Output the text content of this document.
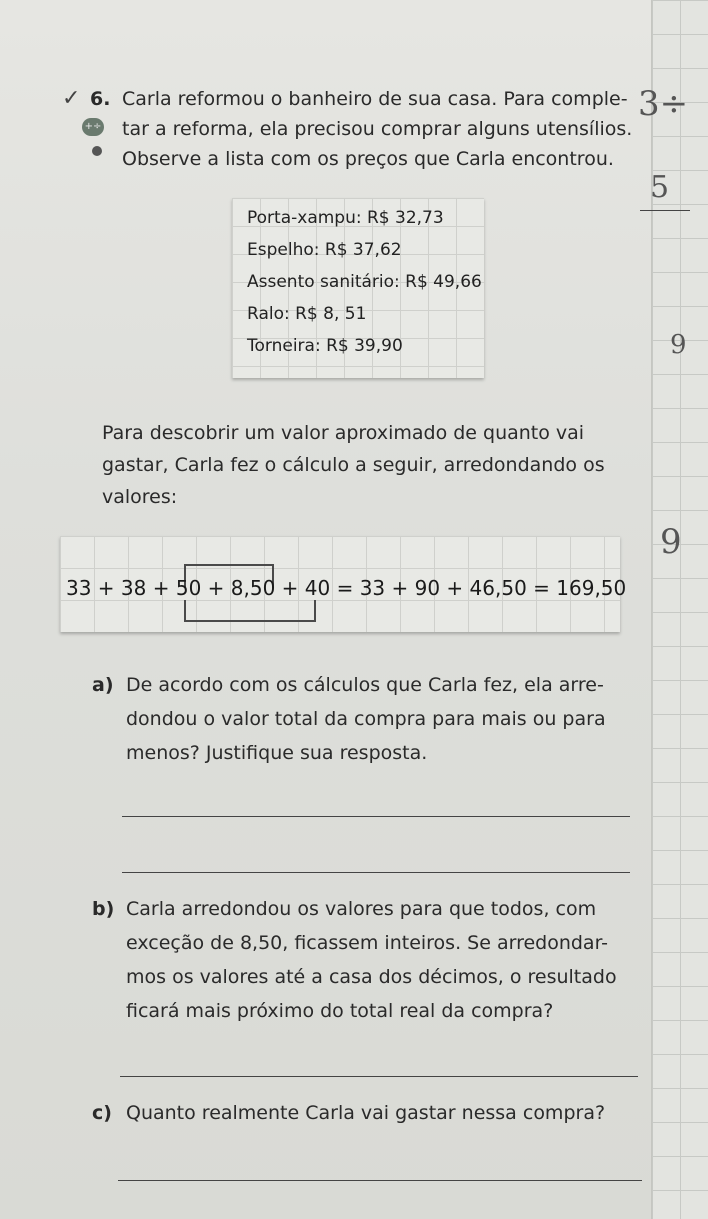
3÷
5
9
9
✓ 6. Carla reformou o banheiro de sua casa. Para comple-
+÷ tar a reforma, ela precisou comprar alguns utensílios.
Observe a lista com os preços que Carla encontrou.
Porta-xampu: R$ 32,73
Espelho: R$ 37,62
Assento sanitário: R$ 49,66
Ralo: R$ 8, 51
Torneira: R$ 39,90
Para descobrir um valor aproximado de quanto vai
gastar, Carla fez o cálculo a seguir, arredondando os
valores:
33 + 38 + 50 + 8,50 + 40 = 33 + 90 + 46,50 = 169,50
a) De acordo com os cálculos que Carla fez, ela arre-
dondou o valor total da compra para mais ou para
menos? Justifique sua resposta.
b) Carla arredondou os valores para que todos, com
exceção de 8,50, ficassem inteiros. Se arredondar-
mos os valores até a casa dos décimos, o resultado
ficará mais próximo do total real da compra?
c) Quanto realmente Carla vai gastar nessa compra?
